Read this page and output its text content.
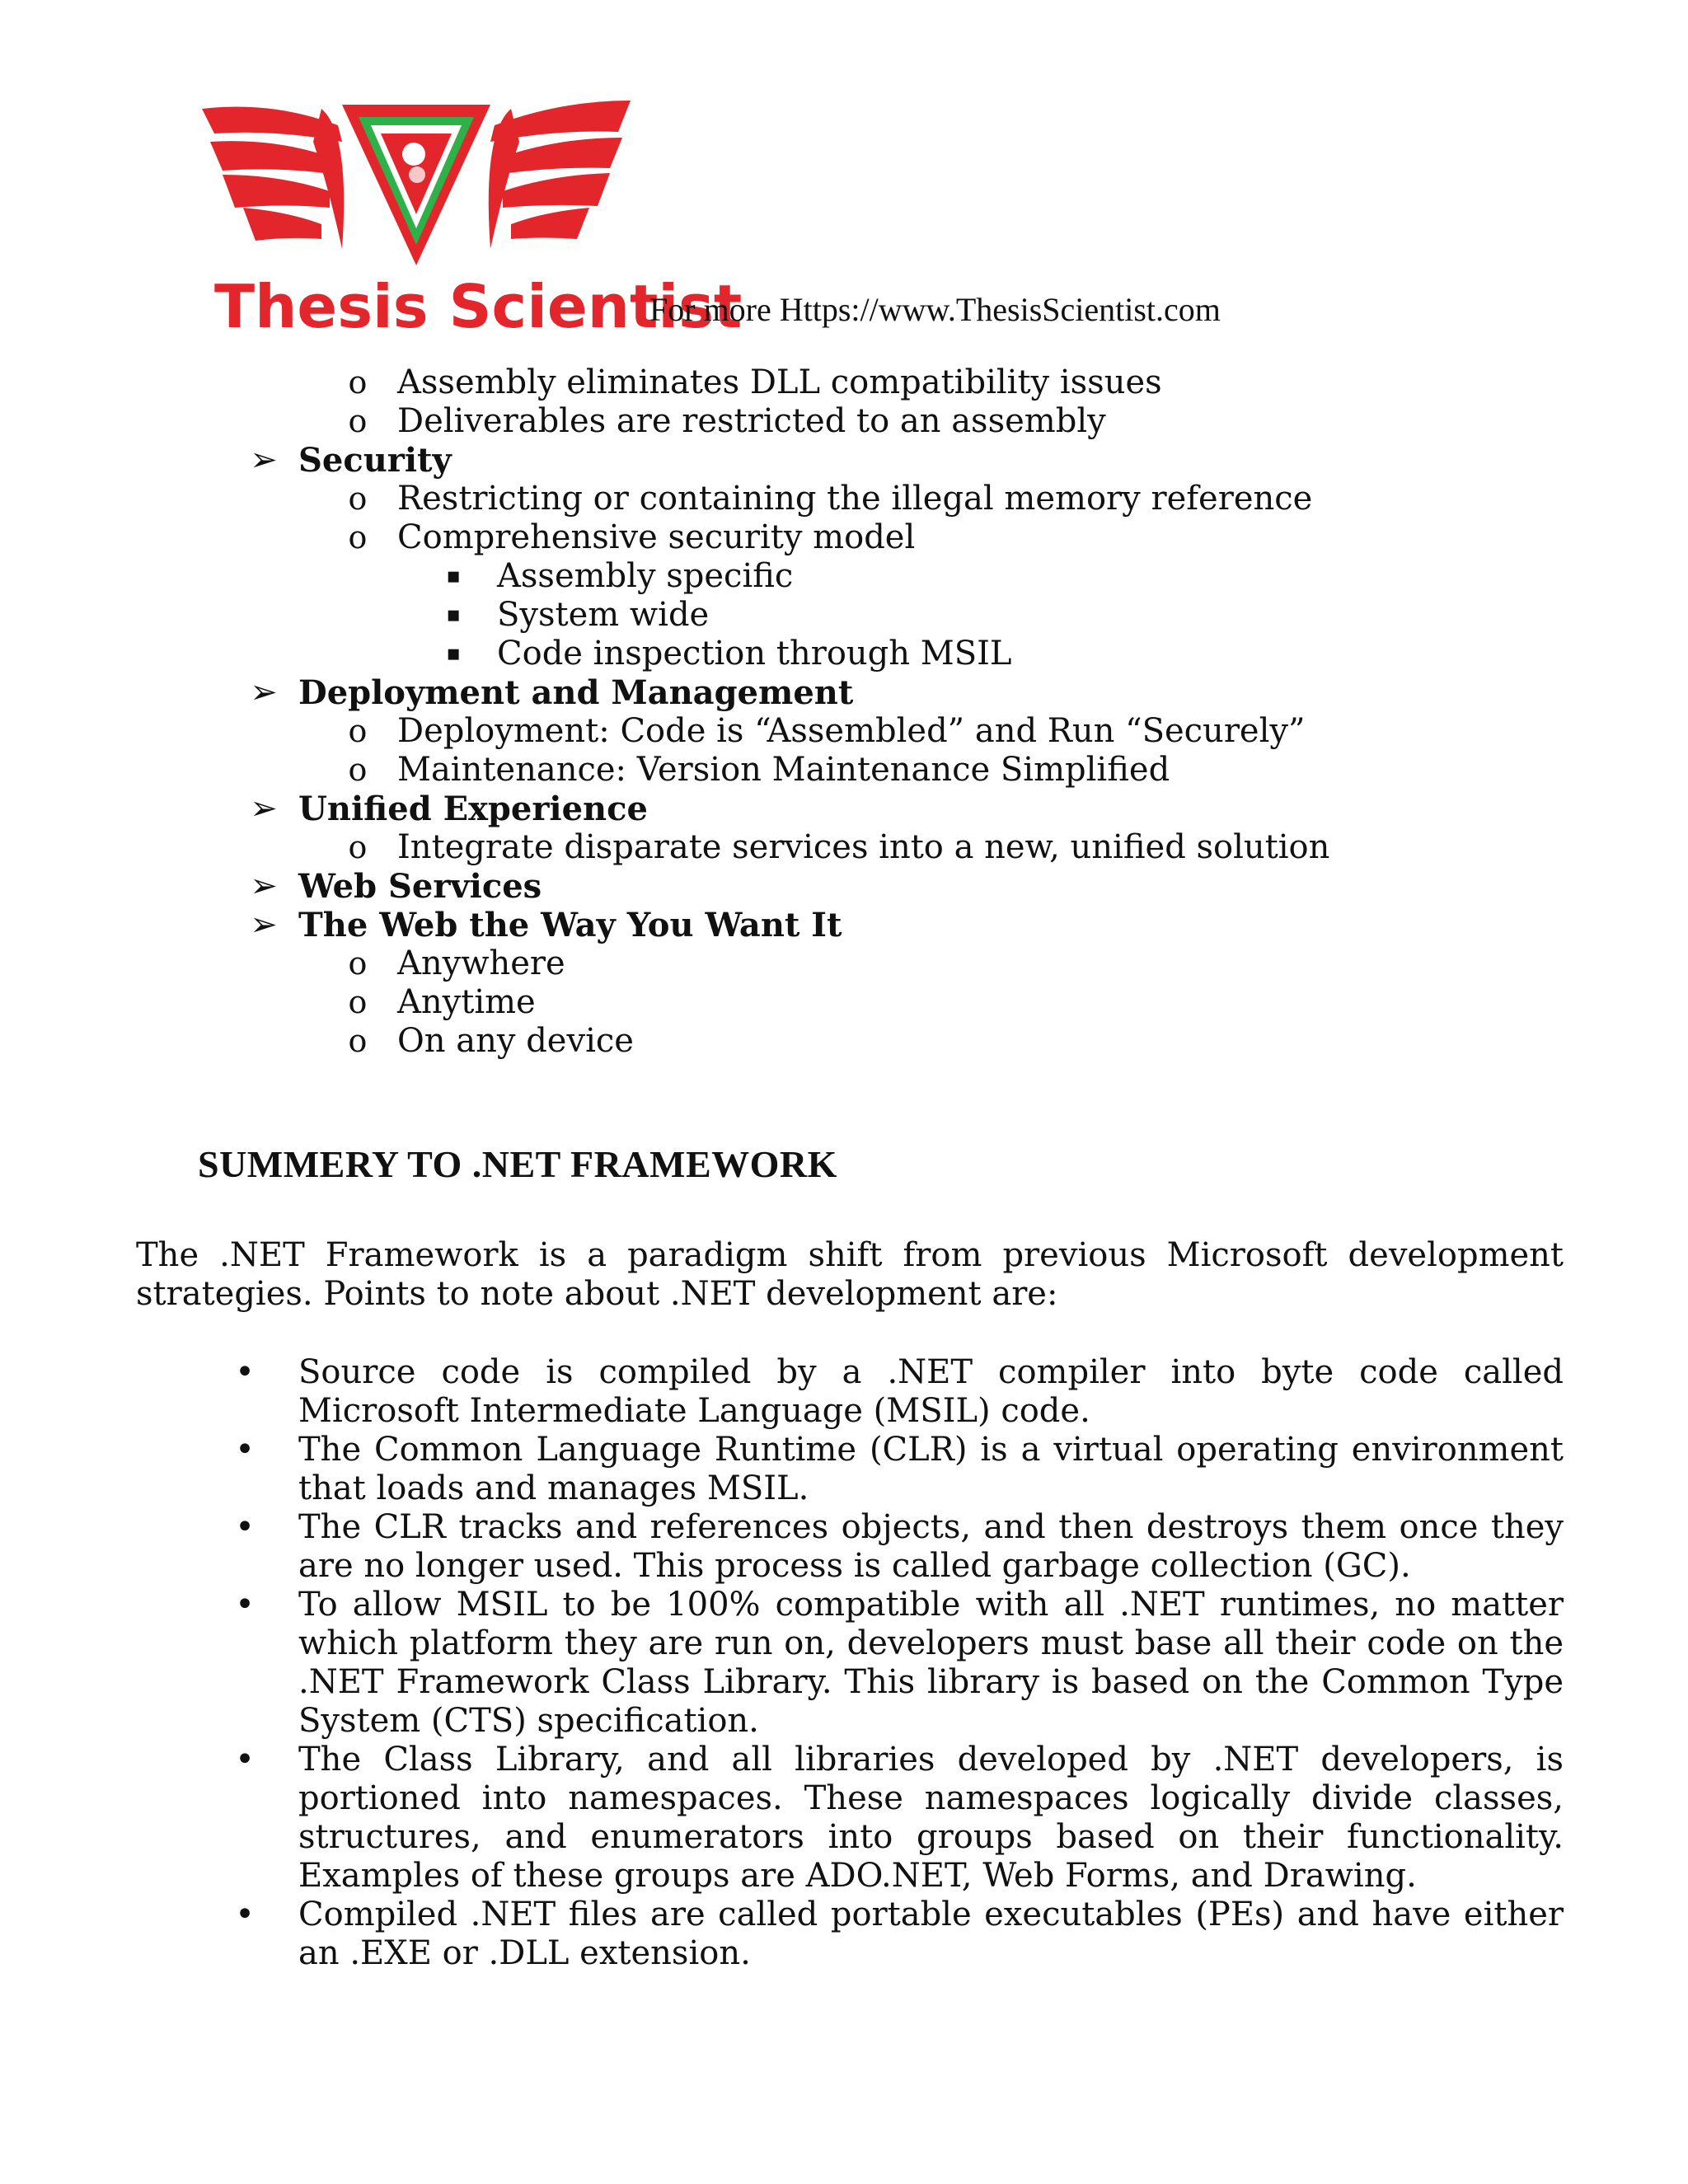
Thesis Scientist
For more Https://www.ThesisScientist.com
o Assembly eliminates DLL compatibility issues
o Deliverables are restricted to an assembly
➢ Security
o Restricting or containing the illegal memory reference
o Comprehensive security model
▪ Assembly specific
▪ System wide
▪ Code inspection through MSIL
➢ Deployment and Management
o Deployment: Code is “Assembled” and Run “Securely”
o Maintenance: Version Maintenance Simplified
➢ Unified Experience
o Integrate disparate services into a new, unified solution
➢ Web Services
➢ The Web the Way You Want It
o Anywhere
o Anytime
o On any device
SUMMERY TO .NET FRAMEWORK
The .NET Framework is a paradigm shift from previous Microsoft development
strategies. Points to note about .NET development are:
• Source code is compiled by a .NET compiler into byte code called Microsoft Intermediate Language (MSIL) code.
• The Common Language Runtime (CLR) is a virtual operating environment that loads and manages MSIL.
• The CLR tracks and references objects, and then destroys them once they are no longer used. This process is called garbage collection (GC).
• To allow MSIL to be 100% compatible with all .NET runtimes, no matter which platform they are run on, developers must base all their code on the .NET Framework Class Library. This library is based on the Common Type System (CTS) specification.
• The Class Library, and all libraries developed by .NET developers, is portioned into namespaces. These namespaces logically divide classes, structures, and enumerators into groups based on their functionality. Examples of these groups are ADO.NET, Web Forms, and Drawing.
• Compiled .NET files are called portable executables (PEs) and have either an .EXE or .DLL extension.
